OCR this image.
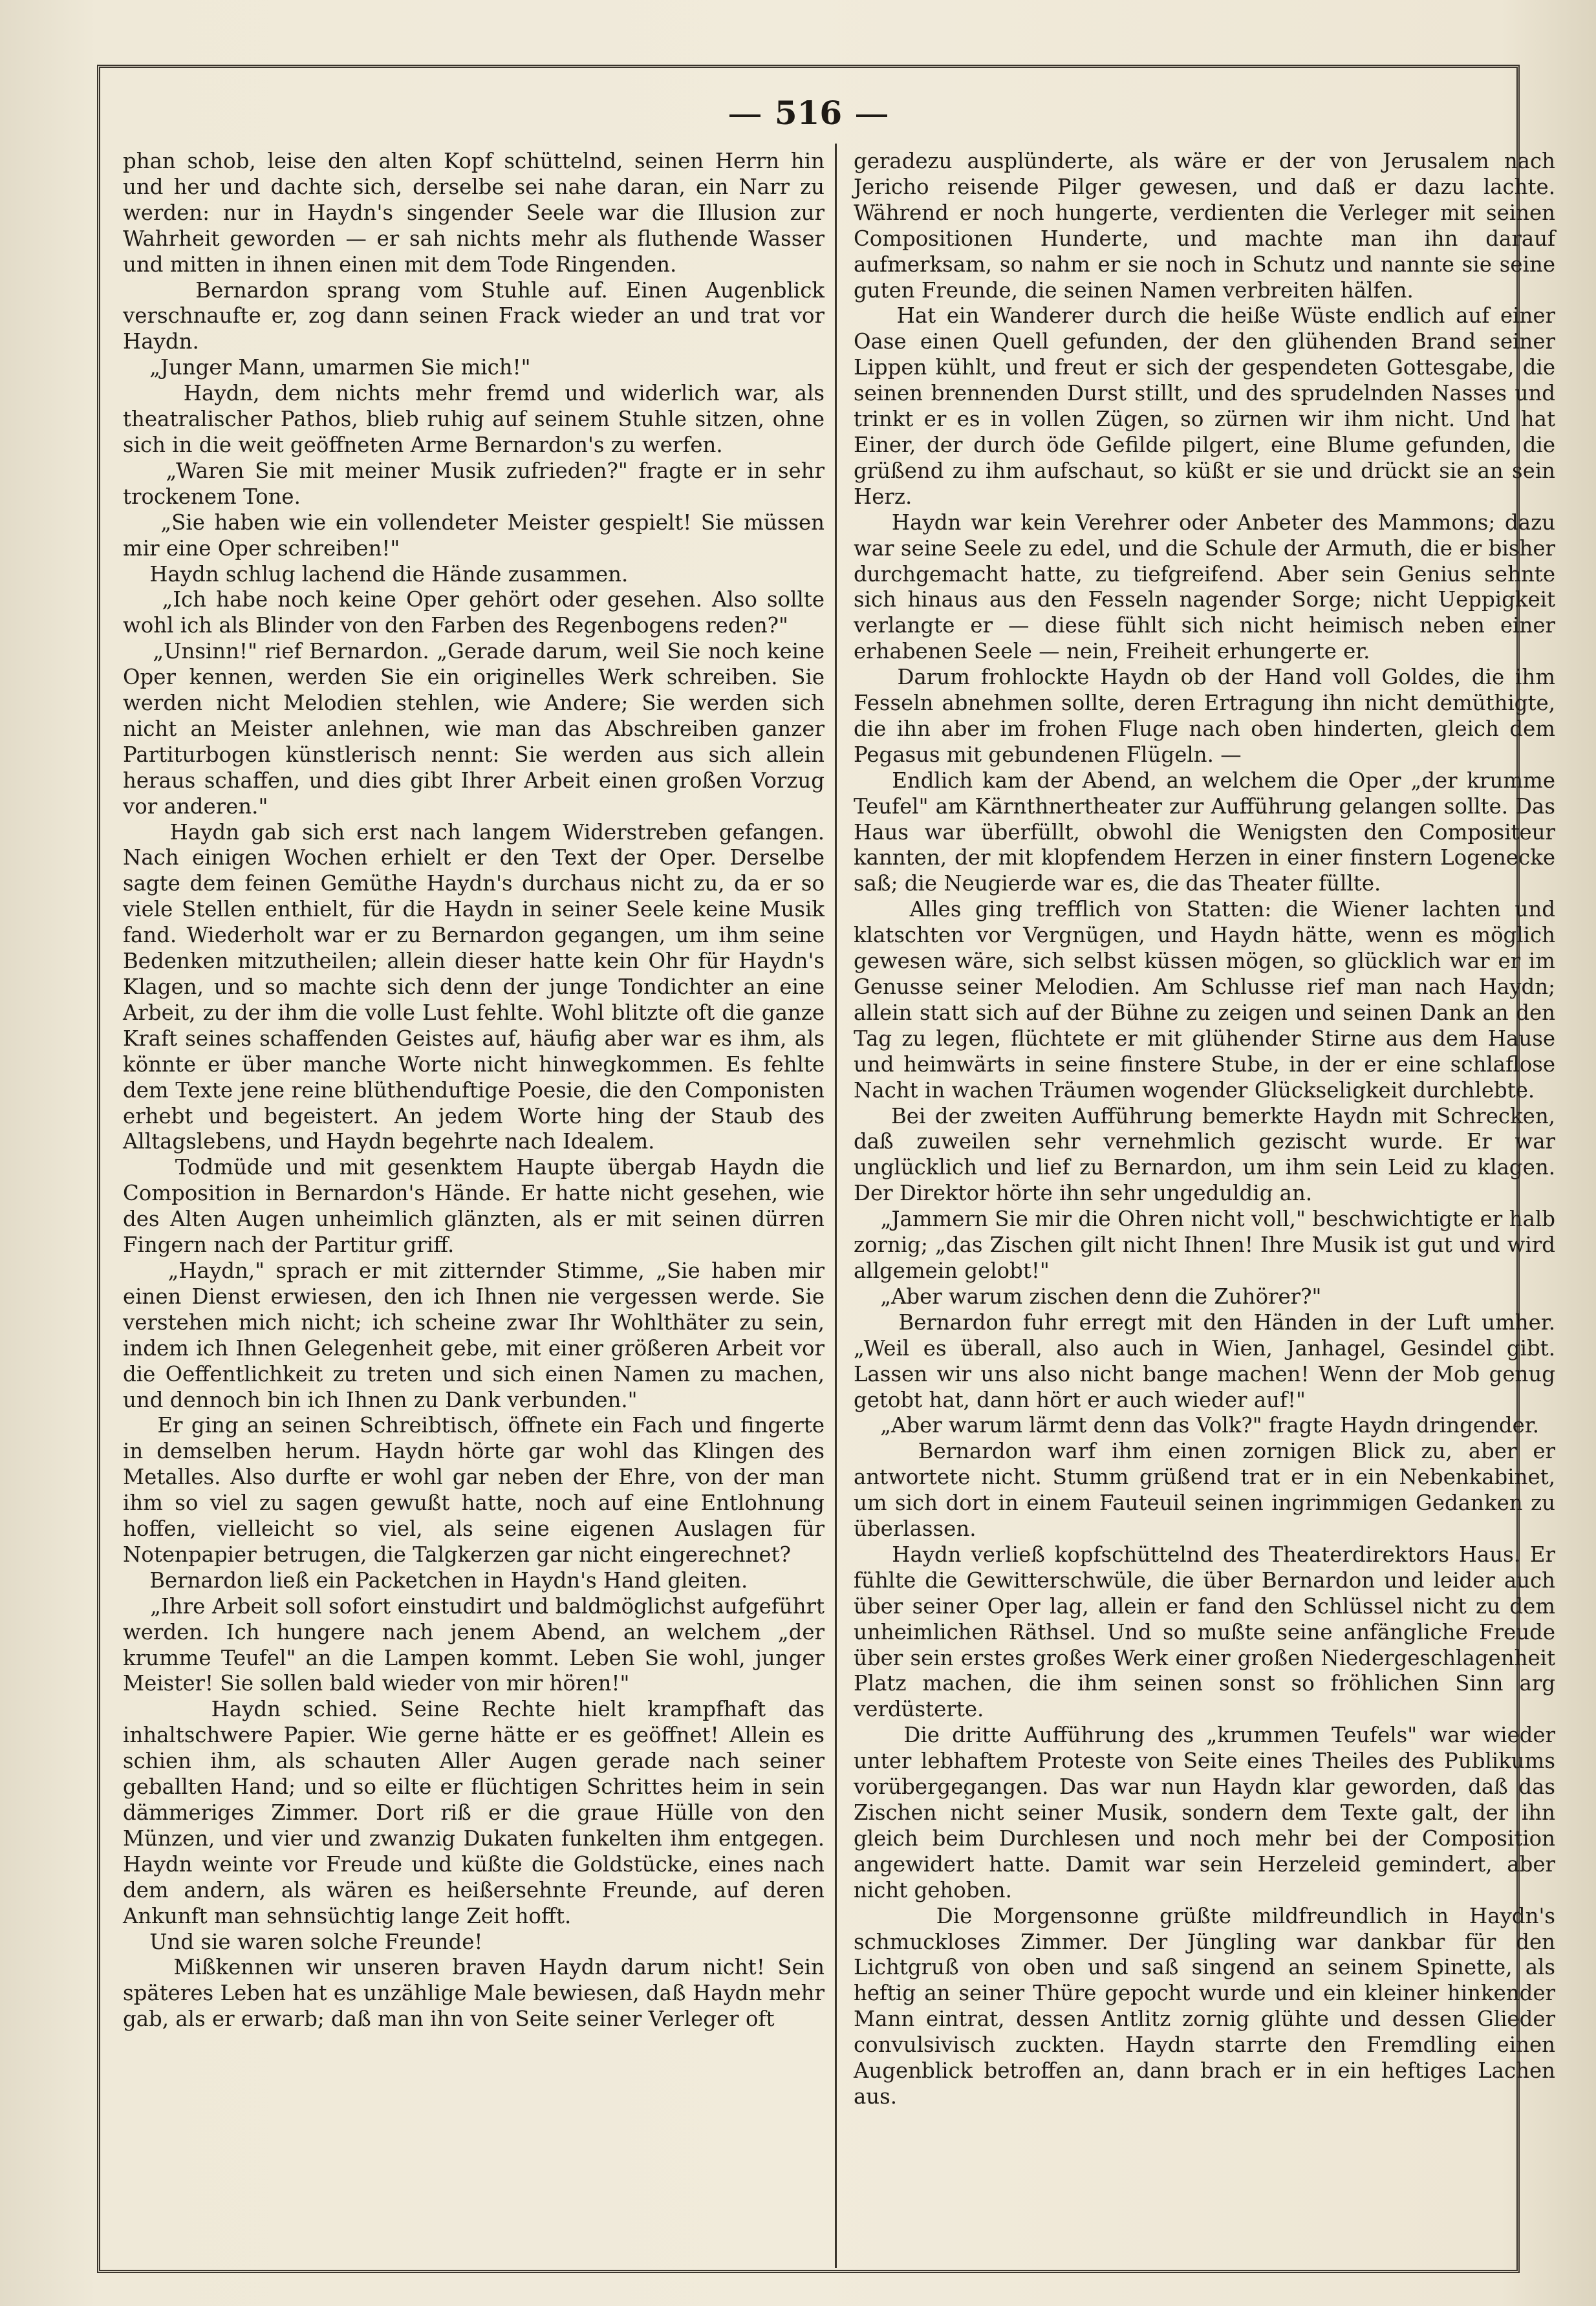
516

phan schob, leise den alten Kopf schüttelnd, seinen Herrn hin und her und dachte sich, derselbe sei nahe daran, ein Narr zu werden: nur in Haydn's singender Seele war die Illusion zur Wahrheit geworden — er sah nichts mehr als fluthende Wasser und mitten in ihnen einen mit dem Tode Ringenden.

Bernardon sprang vom Stuhle auf. Einen Augenblick verschnaufte er, zog dann seinen Frack wieder an und trat vor Haydn.

„Junger Mann, umarmen Sie mich!"

Haydn, dem nichts mehr fremd und widerlich war, als theatralischer Pathos, blieb ruhig auf seinem Stuhle sitzen, ohne sich in die weit geöffneten Arme Bernardon's zu werfen.

„Waren Sie mit meiner Musik zufrieden?" fragte er in sehr trockenem Tone.

„Sie haben wie ein vollendeter Meister gespielt! Sie müssen mir eine Oper schreiben!"

Haydn schlug lachend die Hände zusammen.

„Ich habe noch keine Oper gehört oder gesehen. Also sollte wohl ich als Blinder von den Farben des Regenbogens reden?"

„Unsinn!" rief Bernardon. „Gerade darum, weil Sie noch keine Oper kennen, werden Sie ein originelles Werk schreiben. Sie werden nicht Melodien stehlen, wie Andere; Sie werden sich nicht an Meister anlehnen, wie man das Abschreiben ganzer Partiturbogen künstlerisch nennt: Sie werden aus sich allein heraus schaffen, und dies gibt Ihrer Arbeit einen großen Vorzug vor anderen."

Haydn gab sich erst nach langem Widerstreben gefangen. Nach einigen Wochen erhielt er den Text der Oper. Derselbe sagte dem feinen Gemüthe Haydn's durchaus nicht zu, da er so viele Stellen enthielt, für die Haydn in seiner Seele keine Musik fand. Wiederholt war er zu Bernardon gegangen, um ihm seine Bedenken mitzutheilen; allein dieser hatte kein Ohr für Haydn's Klagen, und so machte sich denn der junge Tondichter an eine Arbeit, zu der ihm die volle Lust fehlte. Wohl blitzte oft die ganze Kraft seines schaffenden Geistes auf, häufig aber war es ihm, als könnte er über manche Worte nicht hinwegkommen. Es fehlte dem Texte jene reine blüthenduftige Poesie, die den Componisten erhebt und begeistert. An jedem Worte hing der Staub des Alltagslebens, und Haydn begehrte nach Idealem.

Todmüde und mit gesenktem Haupte übergab Haydn die Composition in Bernardon's Hände. Er hatte nicht gesehen, wie des Alten Augen unheimlich glänzten, als er mit seinen dürren Fingern nach der Partitur griff.

„Haydn," sprach er mit zitternder Stimme, „Sie haben mir einen Dienst erwiesen, den ich Ihnen nie vergessen werde. Sie verstehen mich nicht; ich scheine zwar Ihr Wohlthäter zu sein, indem ich Ihnen Gelegenheit gebe, mit einer größeren Arbeit vor die Oeffentlichkeit zu treten und sich einen Namen zu machen, und dennoch bin ich Ihnen zu Dank verbunden."

Er ging an seinen Schreibtisch, öffnete ein Fach und fingerte in demselben herum. Haydn hörte gar wohl das Klingen des Metalles. Also durfte er wohl gar neben der Ehre, von der man ihm so viel zu sagen gewußt hatte, noch auf eine Entlohnung hoffen, vielleicht so viel, als seine eigenen Auslagen für Notenpapier betrugen, die Talgkerzen gar nicht eingerechnet?

Bernardon ließ ein Packetchen in Haydn's Hand gleiten.

„Ihre Arbeit soll sofort einstudirt und baldmöglichst aufgeführt werden. Ich hungere nach jenem Abend, an welchem „der krumme Teufel" an die Lampen kommt. Leben Sie wohl, junger Meister! Sie sollen bald wieder von mir hören!"

Haydn schied. Seine Rechte hielt krampfhaft das inhaltschwere Papier. Wie gerne hätte er es geöffnet! Allein es schien ihm, als schauten Aller Augen gerade nach seiner geballten Hand; und so eilte er flüchtigen Schrittes heim in sein dämmeriges Zimmer. Dort riß er die graue Hülle von den Münzen, und vier und zwanzig Dukaten funkelten ihm entgegen. Haydn weinte vor Freude und küßte die Goldstücke, eines nach dem andern, als wären es heißersehnte Freunde, auf deren Ankunft man sehnsüchtig lange Zeit hofft.

Und sie waren solche Freunde!

Mißkennen wir unseren braven Haydn darum nicht! Sein späteres Leben hat es unzählige Male bewiesen, daß Haydn mehr gab, als er erwarb; daß man ihn von Seite seiner Verleger oft

geradezu ausplünderte, als wäre er der von Jerusalem nach Jericho reisende Pilger gewesen, und daß er dazu lachte. Während er noch hungerte, verdienten die Verleger mit seinen Compositionen Hunderte, und machte man ihn darauf aufmerksam, so nahm er sie noch in Schutz und nannte sie seine guten Freunde, die seinen Namen verbreiten hälfen.

Hat ein Wanderer durch die heiße Wüste endlich auf einer Oase einen Quell gefunden, der den glühenden Brand seiner Lippen kühlt, und freut er sich der gespendeten Gottesgabe, die seinen brennenden Durst stillt, und des sprudelnden Nasses und trinkt er es in vollen Zügen, so zürnen wir ihm nicht. Und hat Einer, der durch öde Gefilde pilgert, eine Blume gefunden, die grüßend zu ihm aufschaut, so küßt er sie und drückt sie an sein Herz.

Haydn war kein Verehrer oder Anbeter des Mammons; dazu war seine Seele zu edel, und die Schule der Armuth, die er bisher durchgemacht hatte, zu tiefgreifend. Aber sein Genius sehnte sich hinaus aus den Fesseln nagender Sorge; nicht Ueppigkeit verlangte er — diese fühlt sich nicht heimisch neben einer erhabenen Seele — nein, Freiheit erhungerte er.

Darum frohlockte Haydn ob der Hand voll Goldes, die ihm Fesseln abnehmen sollte, deren Ertragung ihn nicht demüthigte, die ihn aber im frohen Fluge nach oben hinderten, gleich dem Pegasus mit gebundenen Flügeln. —

Endlich kam der Abend, an welchem die Oper „der krumme Teufel" am Kärnthnertheater zur Aufführung gelangen sollte. Das Haus war überfüllt, obwohl die Wenigsten den Compositeur kannten, der mit klopfendem Herzen in einer finstern Logenecke saß; die Neugierde war es, die das Theater füllte.

Alles ging trefflich von Statten: die Wiener lachten und klatschten vor Vergnügen, und Haydn hätte, wenn es möglich gewesen wäre, sich selbst küssen mögen, so glücklich war er im Genusse seiner Melodien. Am Schlusse rief man nach Haydn; allein statt sich auf der Bühne zu zeigen und seinen Dank an den Tag zu legen, flüchtete er mit glühender Stirne aus dem Hause und heimwärts in seine finstere Stube, in der er eine schlaflose Nacht in wachen Träumen wogender Glückseligkeit durchlebte.

Bei der zweiten Aufführung bemerkte Haydn mit Schrecken, daß zuweilen sehr vernehmlich gezischt wurde. Er war unglücklich und lief zu Bernardon, um ihm sein Leid zu klagen. Der Direktor hörte ihn sehr ungeduldig an.

„Jammern Sie mir die Ohren nicht voll," beschwichtigte er halb zornig; „das Zischen gilt nicht Ihnen! Ihre Musik ist gut und wird allgemein gelobt!"

„Aber warum zischen denn die Zuhörer?"

Bernardon fuhr erregt mit den Händen in der Luft umher. „Weil es überall, also auch in Wien, Janhagel, Gesindel gibt. Lassen wir uns also nicht bange machen! Wenn der Mob genug getobt hat, dann hört er auch wieder auf!"

„Aber warum lärmt denn das Volk?" fragte Haydn dringender.

Bernardon warf ihm einen zornigen Blick zu, aber er antwortete nicht. Stumm grüßend trat er in ein Nebenkabinet, um sich dort in einem Fauteuil seinen ingrimmigen Gedanken zu überlassen.

Haydn verließ kopfschüttelnd des Theaterdirektors Haus. Er fühlte die Gewitterschwüle, die über Bernardon und leider auch über seiner Oper lag, allein er fand den Schlüssel nicht zu dem unheimlichen Räthsel. Und so mußte seine anfängliche Freude über sein erstes großes Werk einer großen Niedergeschlagenheit Platz machen, die ihm seinen sonst so fröhlichen Sinn arg verdüsterte.

Die dritte Aufführung des „krummen Teufels" war wieder unter lebhaftem Proteste von Seite eines Theiles des Publikums vorübergegangen. Das war nun Haydn klar geworden, daß das Zischen nicht seiner Musik, sondern dem Texte galt, der ihn gleich beim Durchlesen und noch mehr bei der Composition angewidert hatte. Damit war sein Herzeleid gemindert, aber nicht gehoben.

Die Morgensonne grüßte mildfreundlich in Haydn's schmuckloses Zimmer. Der Jüngling war dankbar für den Lichtgruß von oben und saß singend an seinem Spinette, als heftig an seiner Thüre gepocht wurde und ein kleiner hinkender Mann eintrat, dessen Antlitz zornig glühte und dessen Glieder convulsivisch zuckten. Haydn starrte den Fremdling einen Augenblick betroffen an, dann brach er in ein heftiges Lachen aus.
